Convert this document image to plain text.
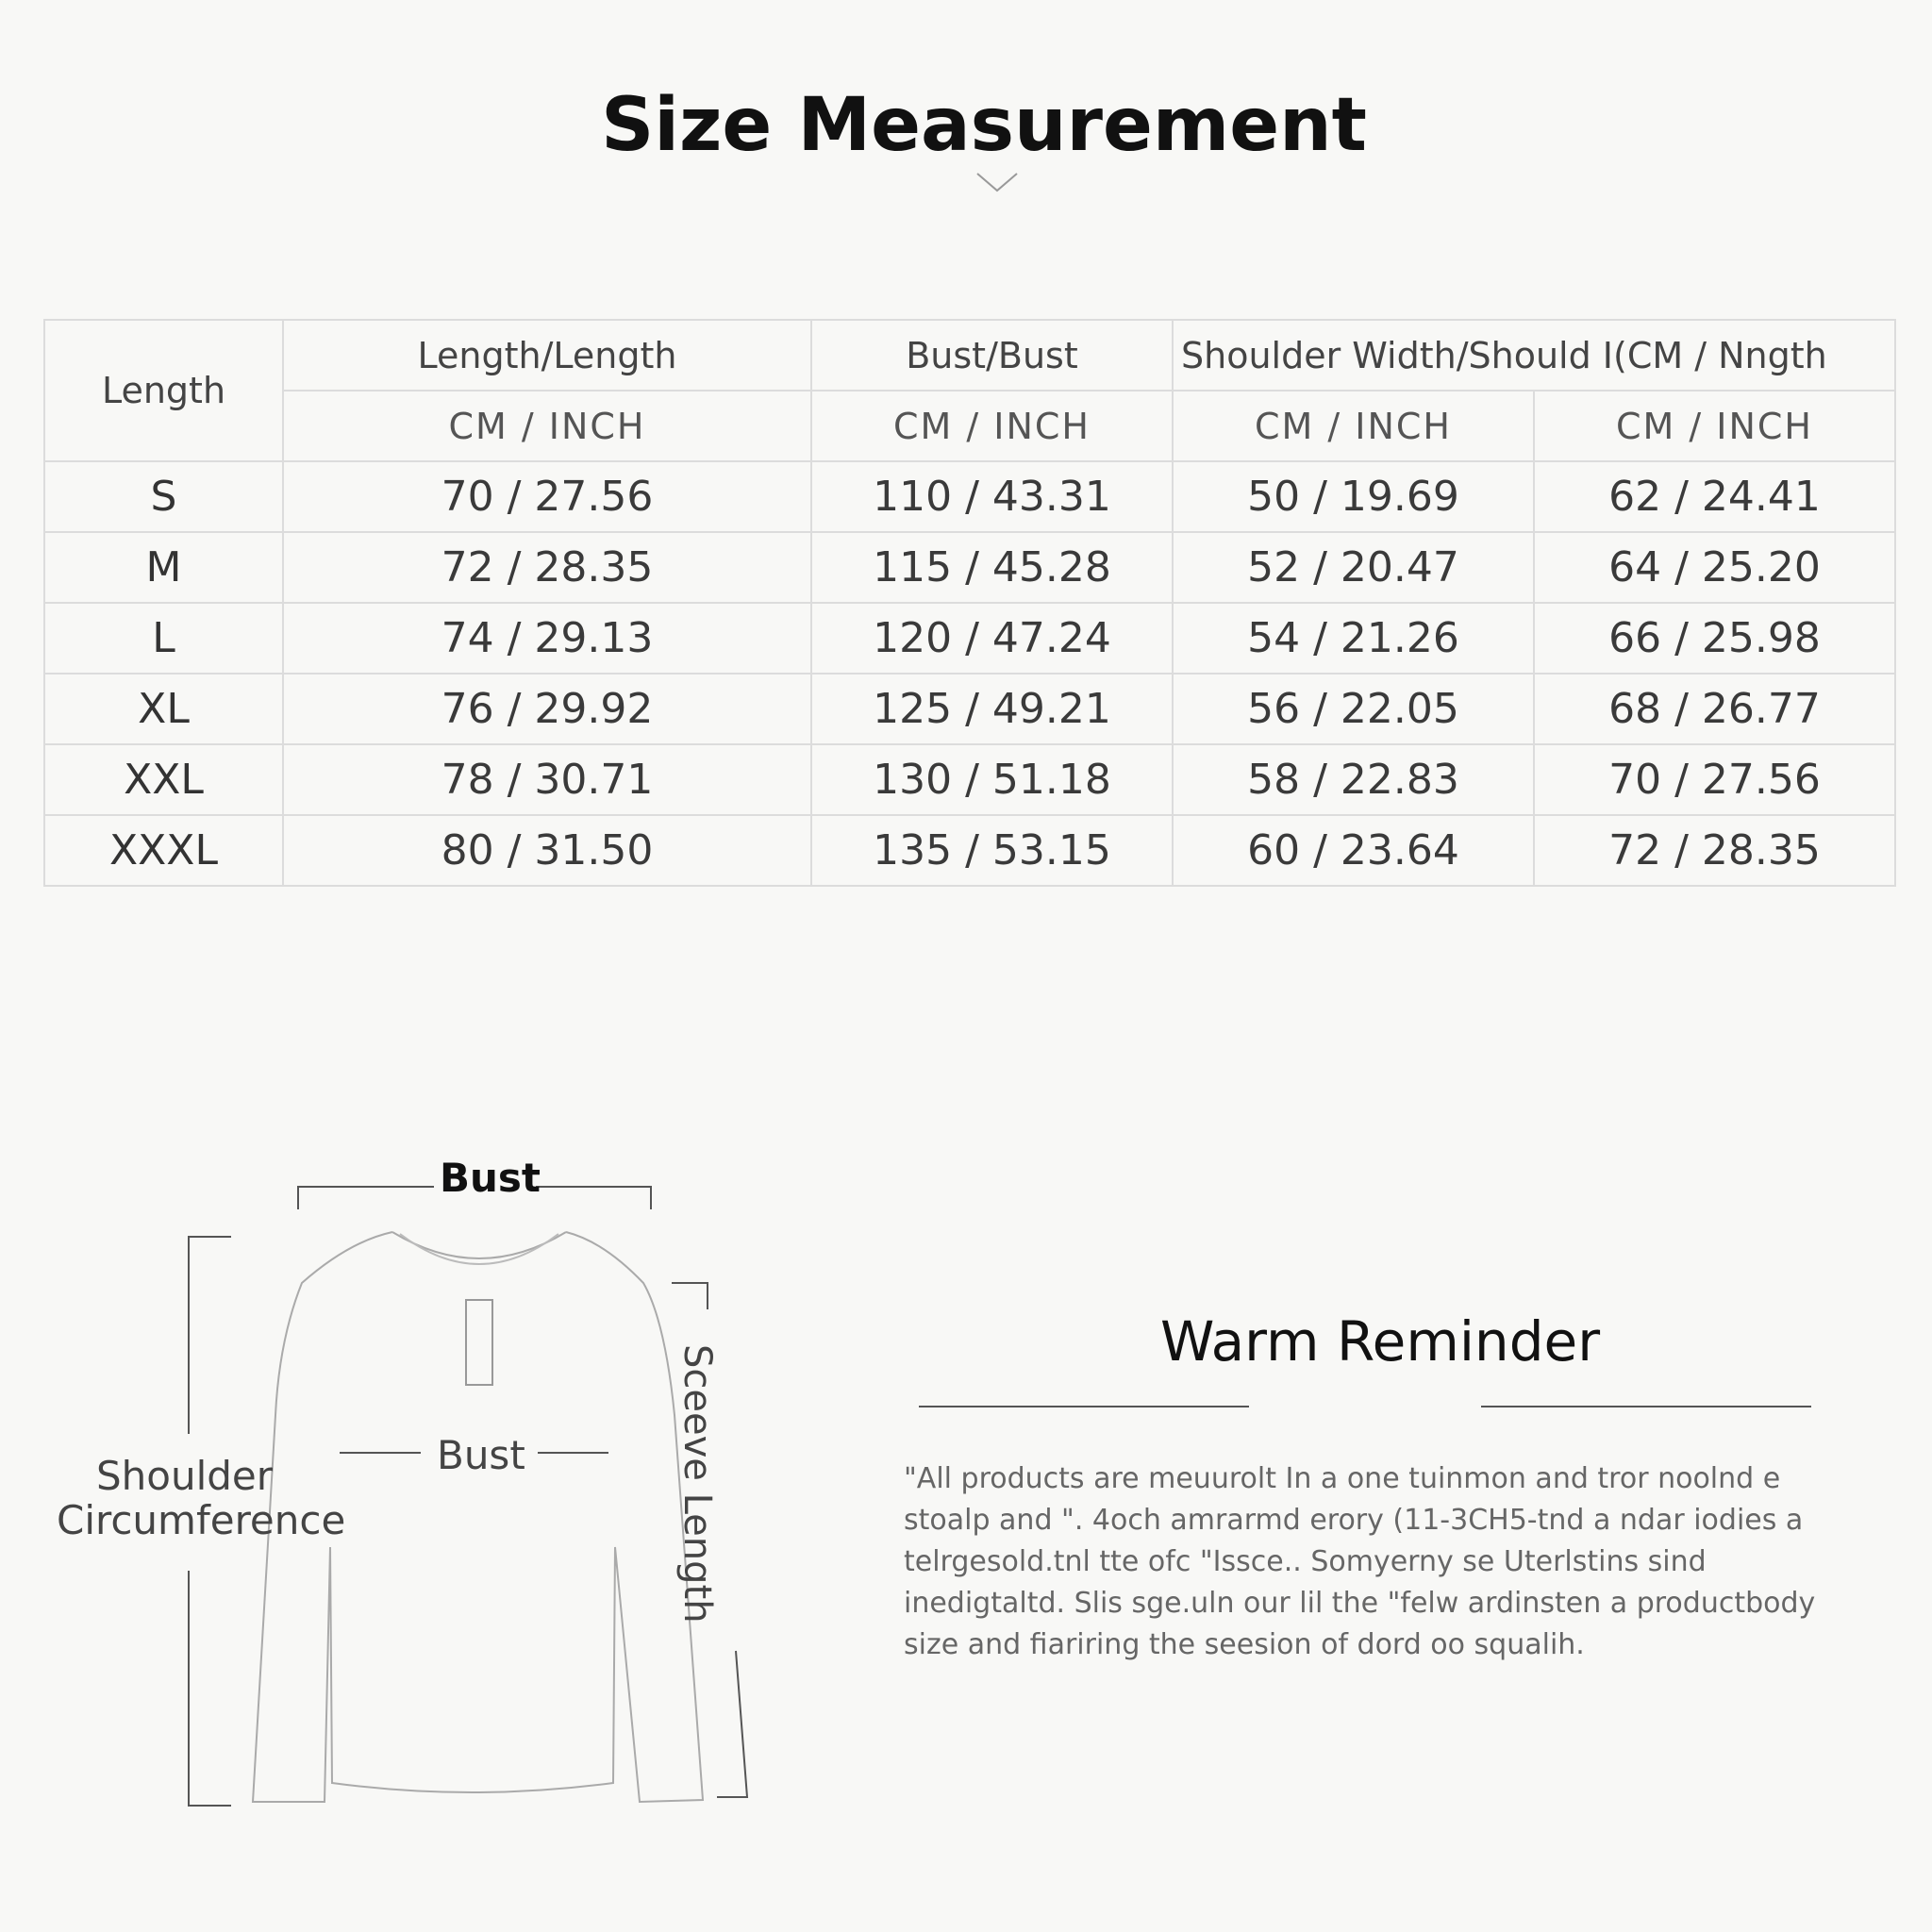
Size Measurement
Length	Length/Length	Bust/Bust	Shoulder Width/Should I(CM / Nngth	
	CM / INCH	CM / INCH	CM / INCH	CM / INCH
S	70 / 27.56	110 / 43.31	50 / 19.69	62 / 24.41
M	72 / 28.35	115 / 45.28	52 / 20.47	64 / 25.20
L	74 / 29.13	120 / 47.24	54 / 21.26	66 / 25.98
XL	76 / 29.92	125 / 49.21	56 / 22.05	68 / 26.77
XXL	78 / 30.71	130 / 51.18	58 / 22.83	70 / 27.56
XXXL	80 / 31.50	135 / 53.15	60 / 23.64	72 / 28.35
Bust
Bust
Shoulder
Circumference	Sceeve Length
Warm Reminder
"All products are meuurolt In a one tuinmon and tror noolnd e stoalp and ". 4och amrarmd erory (11-3CH5-tnd a ndar iodies a telrgesold.tnl tte ofc "Issce.. Somyerny se Uterlstins sind inedigtaltd. Slis sge.uln our lil the "felw ardinsten a productbody size and fiariring the seesion of dord oo squalih.
